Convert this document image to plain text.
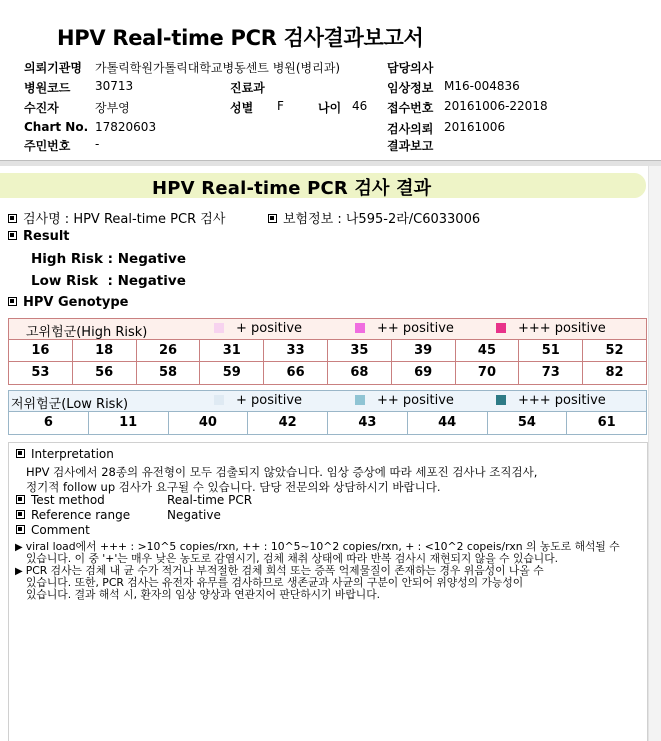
HPV Real-time PCR 검사결과보고서
의뢰기관명 가톨릭학원가톨릭대학교병동센트 병원(병리과)
병원코드 30713
수진자	장부영
Chart No. 17820603
주민번호 -
진료과
성별 F	나이 46
담당의사
임상정보 M16-004836
접수번호 20161006-22018
검사의뢰 20161006
결과보고
HPV Real-time PCR 검사 결과
검사명 : HPV Real-time PCR 검사	보험정보 : 나595-2라/C6033006
Result
High Risk : Negative
Low Risk  : Negative
HPV Genotype
고위험군(High Risk)	+ positive	++ positive	+++ positive
16	18	26	31	33	35	39	45	51	52
53	56	58	59	66	68	69	70	73	82
저위험군(Low Risk)	+ positive	++ positive	+++ positive
6	11	40	42	43	44	54	61
Interpretation
HPV 검사에서 28종의 유전형이 모두 검출되지 않았습니다. 임상 증상에 따라 세포진 검사나 조직검사,
정기적 follow up 검사가 요구될 수 있습니다. 담당 전문의와 상담하시기 바랍니다.
Test method	Real-time PCR
Reference range	Negative
Comment
▶ viral load에서 +++ : >10^5 copies/rxn, ++ : 10^5~10^2 copies/rxn, + : <10^2 copeis/rxn 의 농도로 해석될 수
있습니다. 이 중 '+'는 매우 낮은 농도로 감염시기, 검체 채취 상태에 따라 반복 검사시 재현되지 않을 수 있습니다.
▶ PCR 검사는 검체 내 균 수가 적거나 부적절한 검체 희석 또는 증폭 억제물질이 존재하는 경우 위음성이 나올 수
있습니다. 또한, PCR 검사는 유전자 유무를 검사하므로 생존균과 사균의 구분이 안되어 위양성의 가능성이
있습니다. 결과 해석 시, 환자의 임상 양상과 연관지어 판단하시기 바랍니다.
